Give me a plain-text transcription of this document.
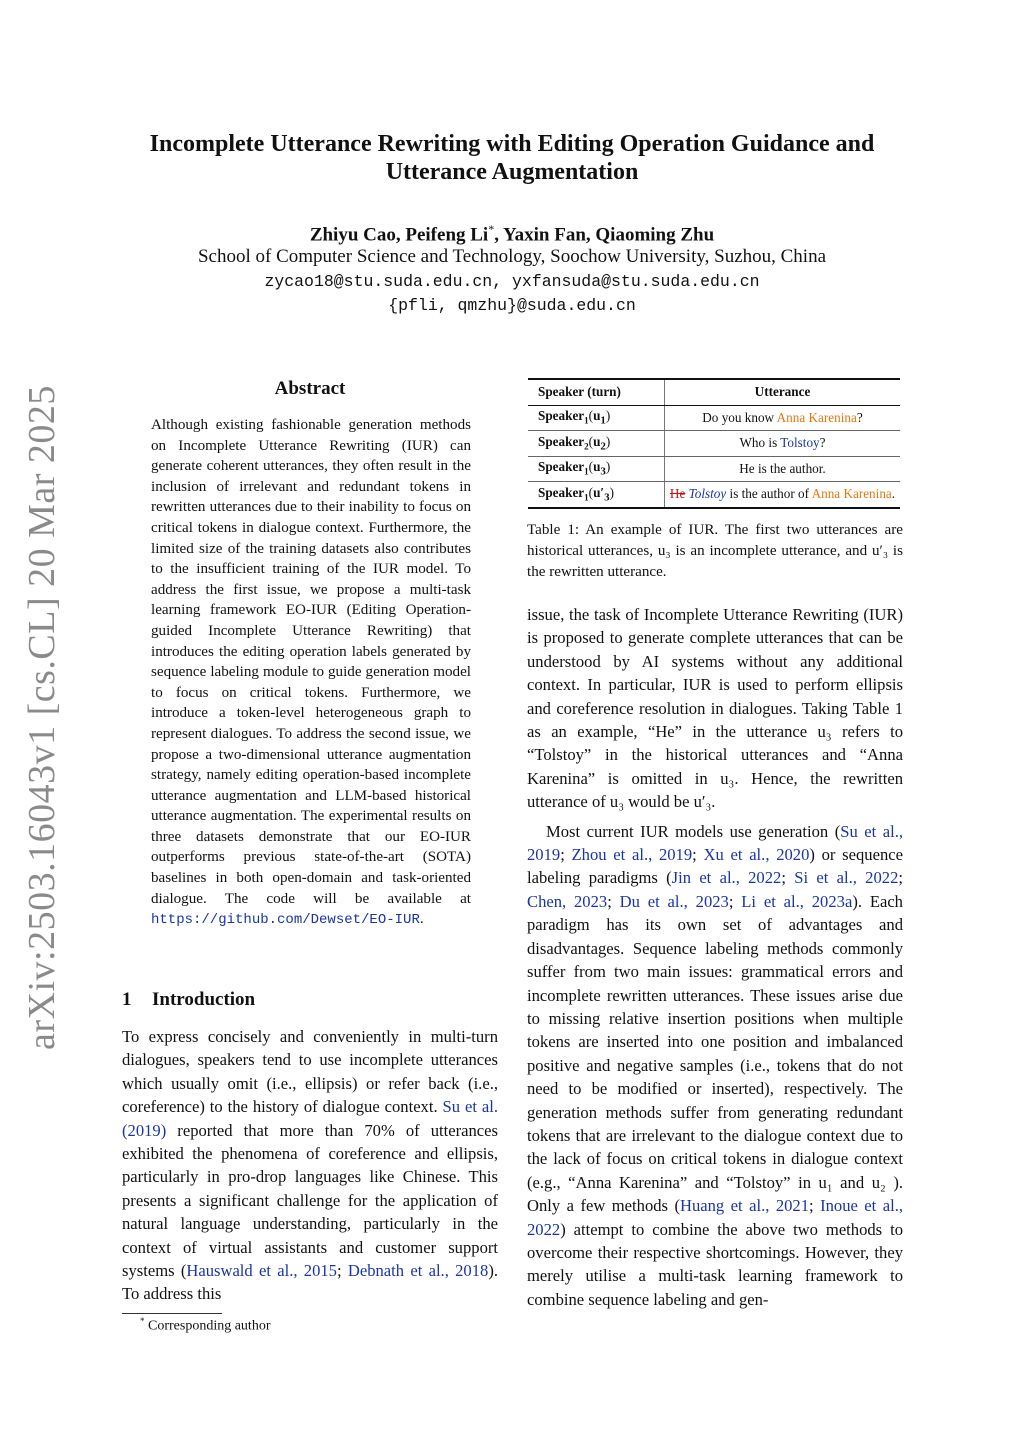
arXiv:2503.16043v1 [cs.CL] 20 Mar 2025
Incomplete Utterance Rewriting with Editing Operation Guidance and Utterance Augmentation
Zhiyu Cao, Peifeng Li*, Yaxin Fan, Qiaoming Zhu
School of Computer Science and Technology, Soochow University, Suzhou, China
zycao18@stu.suda.edu.cn, yxfansuda@stu.suda.edu.cn
{pfli, qmzhu}@suda.edu.cn
Abstract
Although existing fashionable generation methods on Incomplete Utterance Rewriting (IUR) can generate coherent utterances, they often result in the inclusion of irrelevant and redundant tokens in rewritten utterances due to their inability to focus on critical tokens in dialogue context. Furthermore, the limited size of the training datasets also contributes to the insufficient training of the IUR model. To address the first issue, we propose a multi-task learning framework EO-IUR (Editing Operation-guided Incomplete Utterance Rewriting) that introduces the editing operation labels generated by sequence labeling module to guide generation model to focus on critical tokens. Furthermore, we introduce a token-level heterogeneous graph to represent dialogues. To address the second issue, we propose a two-dimensional utterance augmentation strategy, namely editing operation-based incomplete utterance augmentation and LLM-based historical utterance augmentation. The experimental results on three datasets demonstrate that our EO-IUR outperforms previous state-of-the-art (SOTA) baselines in both open-domain and task-oriented dialogue. The code will be available at https://github.com/Dewset/EO-IUR.
1 Introduction
To express concisely and conveniently in multi-turn dialogues, speakers tend to use incomplete utterances which usually omit (i.e., ellipsis) or refer back (i.e., coreference) to the history of dialogue context. Su et al. (2019) reported that more than 70% of utterances exhibited the phenomena of coreference and ellipsis, particularly in pro-drop languages like Chinese. This presents a significant challenge for the application of natural language understanding, particularly in the context of virtual assistants and customer support systems (Hauswald et al., 2015; Debnath et al., 2018). To address this
* Corresponding author
Speaker (turn)	Utterance
$Speaker_1(u_1)$	Do you know Anna Karenina?
$Speaker_2(u_2)$	Who is Tolstoy?
$Speaker_1(u_3)$	He is the author.
$Speaker_1(u'_3)$	He Tolstoy is the author of Anna Karenina.
Table 1: An example of IUR. The first two utterances are historical utterances, u₃ is an incomplete utterance, and u′₃ is the rewritten utterance.

issue, the task of Incomplete Utterance Rewriting (IUR) is proposed to generate complete utterances that can be understood by AI systems without any additional context. In particular, IUR is used to perform ellipsis and coreference resolution in dialogues. Taking Table 1 as an example, “He” in the utterance u₃ refers to “Tolstoy” in the historical utterances and “Anna Karenina” is omitted in u₃. Hence, the rewritten utterance of u₃ would be u′₃.

Most current IUR models use generation (Su et al., 2019; Zhou et al., 2019; Xu et al., 2020) or sequence labeling paradigms (Jin et al., 2022; Si et al., 2022; Chen, 2023; Du et al., 2023; Li et al., 2023a). Each paradigm has its own set of advantages and disadvantages. Sequence labeling methods commonly suffer from two main issues: grammatical errors and incomplete rewritten utterances. These issues arise due to missing relative insertion positions when multiple tokens are inserted into one position and imbalanced positive and negative samples (i.e., tokens that do not need to be modified or inserted), respectively. The generation methods suffer from generating redundant tokens that are irrelevant to the dialogue context due to the lack of focus on critical tokens in dialogue context (e.g., “Anna Karenina” and “Tolstoy” in u₁ and u₂ ). Only a few methods (Huang et al., 2021; Inoue et al., 2022) attempt to combine the above two methods to overcome their respective shortcomings. However, they merely utilise a multi-task learning framework to combine sequence labeling and gen-
